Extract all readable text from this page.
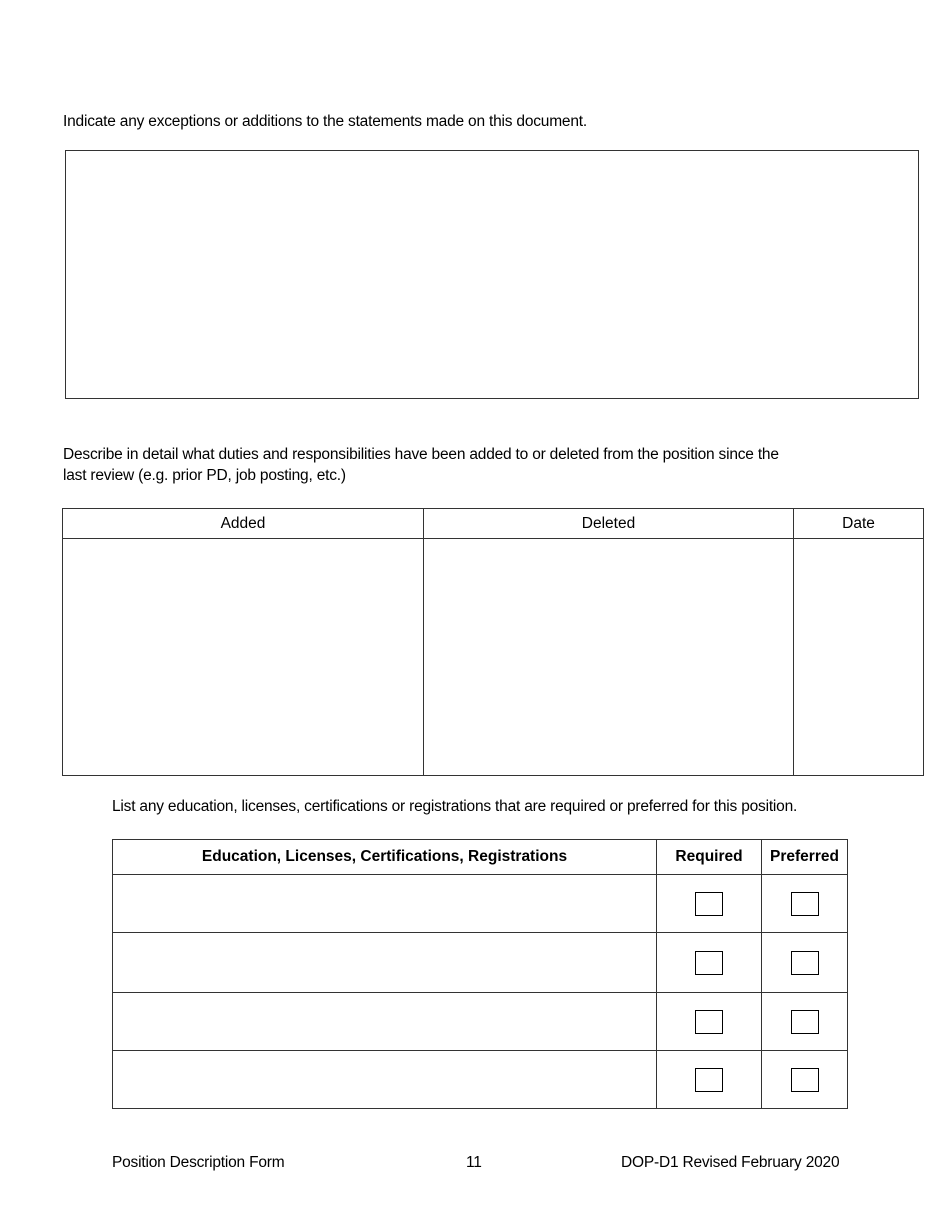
Indicate any exceptions or additions to the statements made on this document.
Describe in detail what duties and responsibilities have been added to or deleted from the position since the
last review (e.g. prior PD, job posting, etc.)
Added	Deleted	Date

List any education, licenses, certifications or registrations that are required or preferred for this position.
Education, Licenses, Certifications, Registrations	Required	Preferred

Position Description Form	11	DOP-D1 Revised February 2020
